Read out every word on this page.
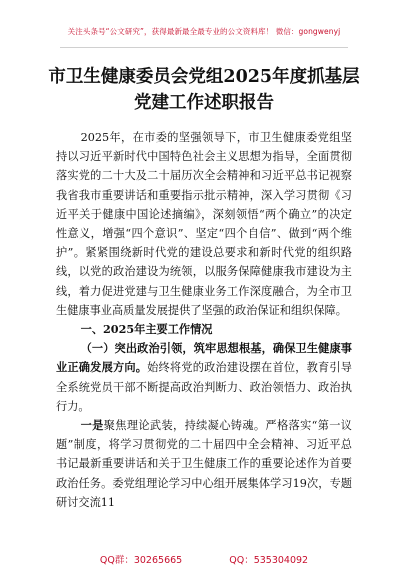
关注头条号“公文研究”，获得最新最全最专业的公文资料库！ 微信：gongwenyj
市卫生健康委员会党组2025年度抓基层
党建工作述职报告

2025年，在市委的坚强领导下，市卫生健康委党组坚持以习近平新时代中国特色社会主义思想为指导，全面贯彻落实党的二十大及二十届历次全会精神和习近平总书记视察我省我市重要讲话和重要指示批示精神，深入学习贯彻《习近平关于健康中国论述摘编》，深刻领悟“两个确立”的决定性意义，增强“四个意识”、坚定“四个自信”、做到“两个维护”。紧紧围绕新时代党的建设总要求和新时代党的组织路线，以党的政治建设为统领，以服务保障健康我市建设为主线，着力促进党建与卫生健康业务工作深度融合，为全市卫生健康事业高质量发展提供了坚强的政治保证和组织保障。

一、2025年主要工作情况

（一）突出政治引领，筑牢思想根基，确保卫生健康事业正确发展方向。始终将党的政治建设摆在首位，教育引导全系统党员干部不断提高政治判断力、政治领悟力、政治执行力。

一是聚焦理论武装，持续凝心铸魂。严格落实“第一议题”制度，将学习贯彻党的二十届四中全会精神、习近平总书记最新重要讲话和关于卫生健康工作的重要论述作为首要政治任务。委党组理论学习中心组开展集体学习19次，专题研讨交流11

QQ群：30265665	QQ：535304092
